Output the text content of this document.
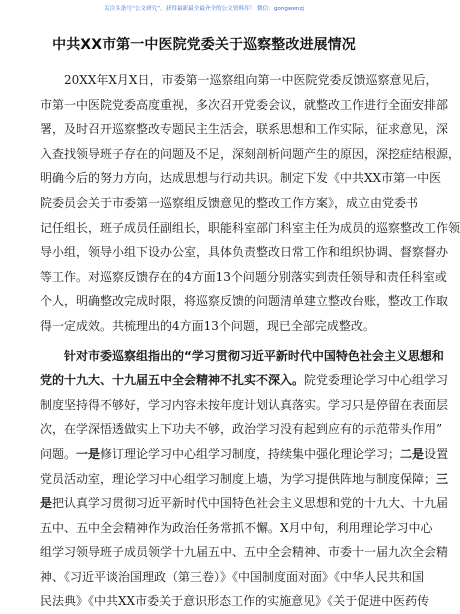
关注头条号“公文研究”，获得最新最全最齐全的公文资料库！ 微信：gongwenzj
中共XX市第一中医院党委关于巡察整改进展情况
20XX年X月X日，市委第一巡察组向第一中医院党委反馈巡察意见后，
市第一中医院党委高度重视，多次召开党委会议，就整改工作进行全面安排部
署，及时召开巡察整改专题民主生活会，联系思想和工作实际，征求意见，深
入查找领导班子存在的问题及不足，深刻剖析问题产生的原因，深挖症结根源，
明确今后的努力方向，达成思想与行动共识。制定下发《中共XX市第一中医
院委员会关于市委第一巡察组反馈意见的整改工作方案》，成立由党委书
记任组长，班子成员任副组长，职能科室部门科室主任为成员的巡察整改工作领
导小组，领导小组下设办公室，具体负责整改日常工作和组织协调、督察督办
等工作。对巡察反馈存在的4方面13个问题分别落实到责任领导和责任科室或
个人，明确整改完成时限，将巡察反馈的问题清单建立整改台账，整改工作取
得一定成效。共梳理出的4方面13个问题，现已全部完成整改。
针对市委巡察组指出的“学习贯彻习近平新时代中国特色社会主义思想和
党的十九大、十九届五中全会精神不扎实不深入。院党委理论学习中心组学习
制度坚持得不够好，学习内容未按年度计划认真落实。学习只是停留在表面层
次，在学深悟透做实上下功夫不够，政治学习没有起到应有的示范带头作用”
问题。一是修订理论学习中心组学习制度，持续集中强化理论学习；二是设置
党员活动室，理论学习中心组学习制度上墙，为学习提供阵地与制度保障；三
是把认真学习贯彻习近平新时代中国特色社会主义思想和党的十九大、十九届
五中、五中全会精神作为政治任务常抓不懈。X月中旬，利用理论学习中心
组学习领导班子成员领学十九届五中、五中全会精神、市委十一届九次全会精
神、《习近平谈治国理政（第三卷）》《中国制度面对面》《中华人民共和国
民法典》《中共XX市委关于意识形态工作的实施意见》《关于促进中医药传
